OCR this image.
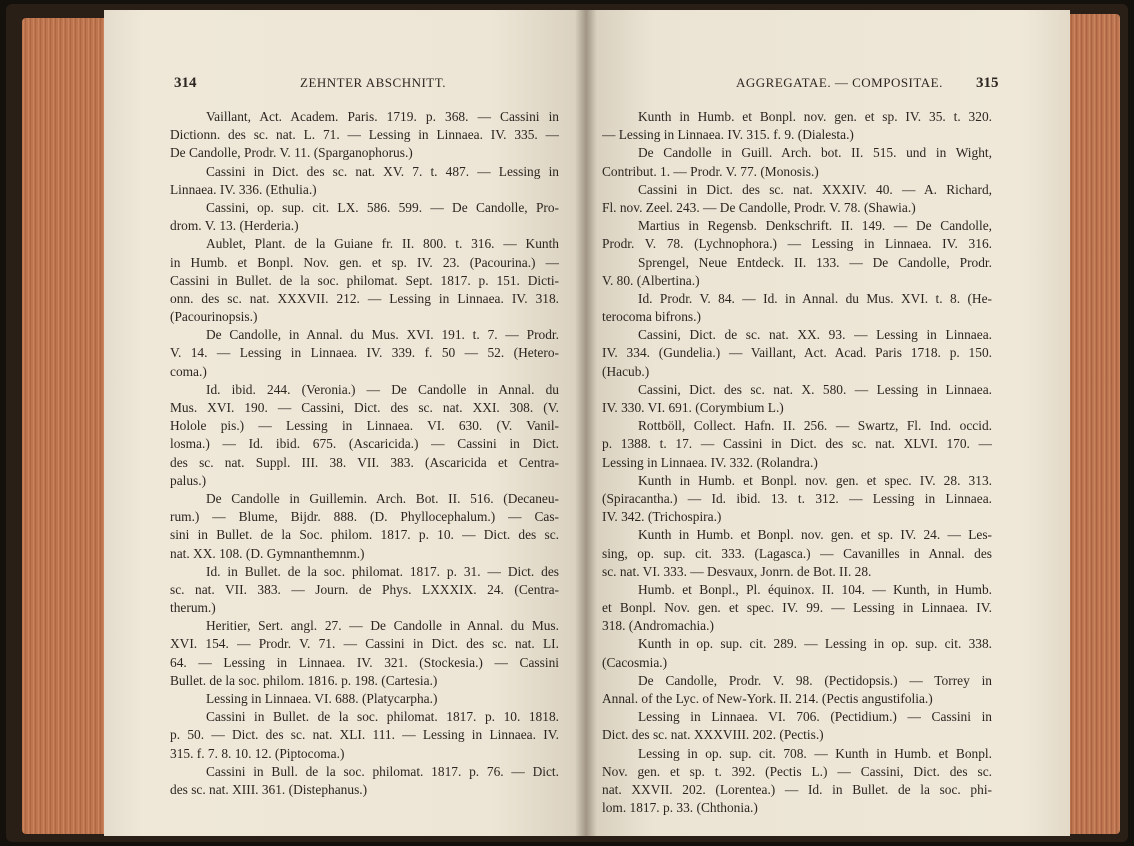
314	ZEHNTER ABSCHNITT.
Vaillant, Act. Academ. Paris. 1719. p. 368. — Cassini in
Dictionn. des sc. nat. L. 71. — Lessing in Linnaea. IV. 335. —
De Candolle, Prodr. V. 11. (Sparganophorus.)
Cassini in Dict. des sc. nat. XV. 7. t. 487. — Lessing in
Linnaea. IV. 336. (Ethulia.)
Cassini, op. sup. cit. LX. 586. 599. — De Candolle, Pro-
drom. V. 13. (Herderia.)
Aublet, Plant. de la Guiane fr. II. 800. t. 316. — Kunth
in Humb. et Bonpl. Nov. gen. et sp. IV. 23. (Pacourina.) —
Cassini in Bullet. de la soc. philomat. Sept. 1817. p. 151. Dicti-
onn. des sc. nat. XXXVII. 212. — Lessing in Linnaea. IV. 318.
(Pacourinopsis.)
De Candolle, in Annal. du Mus. XVI. 191. t. 7. — Prodr.
V. 14. — Lessing in Linnaea. IV. 339. f. 50 — 52. (Hetero-
coma.)
Id. ibid. 244. (Veronia.) — De Candolle in Annal. du
Mus. XVI. 190. — Cassini, Dict. des sc. nat. XXI. 308. (V.
Holole pis.) — Lessing in Linnaea. VI. 630. (V. Vanil-
losma.) — Id. ibid. 675. (Ascaricida.) — Cassini in Dict.
des sc. nat. Suppl. III. 38. VII. 383. (Ascaricida et Centra-
palus.)
De Candolle in Guillemin. Arch. Bot. II. 516. (Decaneu-
rum.) — Blume, Bijdr. 888. (D. Phyllocephalum.) — Cas-
sini in Bullet. de la Soc. philom. 1817. p. 10. — Dict. des sc.
nat. XX. 108. (D. Gymnanthemnm.)
Id. in Bullet. de la soc. philomat. 1817. p. 31. — Dict. des
sc. nat. VII. 383. — Journ. de Phys. LXXXIX. 24. (Centra-
therum.)
Heritier, Sert. angl. 27. — De Candolle in Annal. du Mus.
XVI. 154. — Prodr. V. 71. — Cassini in Dict. des sc. nat. LI.
64. — Lessing in Linnaea. IV. 321. (Stockesia.) — Cassini
Bullet. de la soc. philom. 1816. p. 198. (Cartesia.)
Lessing in Linnaea. VI. 688. (Platycarpha.)
Cassini in Bullet. de la soc. philomat. 1817. p. 10. 1818.
p. 50. — Dict. des sc. nat. XLI. 111. — Lessing in Linnaea. IV.
315. f. 7. 8. 10. 12. (Piptocoma.)
Cassini in Bull. de la soc. philomat. 1817. p. 76. — Dict.
des sc. nat. XIII. 361. (Distephanus.)
AGGREGATAE. — COMPOSITAE. 315
Kunth in Humb. et Bonpl. nov. gen. et sp. IV. 35. t. 320.
— Lessing in Linnaea. IV. 315. f. 9. (Dialesta.)
De Candolle in Guill. Arch. bot. II. 515. und in Wight,
Contribut. 1. — Prodr. V. 77. (Monosis.)
Cassini in Dict. des sc. nat. XXXIV. 40. — A. Richard,
Fl. nov. Zeel. 243. — De Candolle, Prodr. V. 78. (Shawia.)
Martius in Regensb. Denkschrift. II. 149. — De Candolle,
Prodr. V. 78. (Lychnophora.) — Lessing in Linnaea. IV. 316.
Sprengel, Neue Entdeck. II. 133. — De Candolle, Prodr.
V. 80. (Albertina.)
Id. Prodr. V. 84. — Id. in Annal. du Mus. XVI. t. 8. (He-
terocoma bifrons.)
Cassini, Dict. de sc. nat. XX. 93. — Lessing in Linnaea.
IV. 334. (Gundelia.) — Vaillant, Act. Acad. Paris 1718. p. 150.
(Hacub.)
Cassini, Dict. des sc. nat. X. 580. — Lessing in Linnaea.
IV. 330. VI. 691. (Corymbium L.)
Rottböll, Collect. Hafn. II. 256. — Swartz, Fl. Ind. occid.
p. 1388. t. 17. — Cassini in Dict. des sc. nat. XLVI. 170. —
Lessing in Linnaea. IV. 332. (Rolandra.)
Kunth in Humb. et Bonpl. nov. gen. et spec. IV. 28. 313.
(Spiracantha.) — Id. ibid. 13. t. 312. — Lessing in Linnaea.
IV. 342. (Trichospira.)
Kunth in Humb. et Bonpl. nov. gen. et sp. IV. 24. — Les-
sing, op. sup. cit. 333. (Lagasca.) — Cavanilles in Annal. des
sc. nat. VI. 333. — Desvaux, Jonrn. de Bot. II. 28.
Humb. et Bonpl., Pl. équinox. II. 104. — Kunth, in Humb.
et Bonpl. Nov. gen. et spec. IV. 99. — Lessing in Linnaea. IV.
318. (Andromachia.)
Kunth in op. sup. cit. 289. — Lessing in op. sup. cit. 338.
(Cacosmia.)
De Candolle, Prodr. V. 98. (Pectidopsis.) — Torrey in
Annal. of the Lyc. of New-York. II. 214. (Pectis angustifolia.)
Lessing in Linnaea. VI. 706. (Pectidium.) — Cassini in
Dict. des sc. nat. XXXVIII. 202. (Pectis.)
Lessing in op. sup. cit. 708. — Kunth in Humb. et Bonpl.
Nov. gen. et sp. t. 392. (Pectis L.) — Cassini, Dict. des sc.
nat. XXVII. 202. (Lorentea.) — Id. in Bullet. de la soc. phi-
lom. 1817. p. 33. (Chthonia.)
